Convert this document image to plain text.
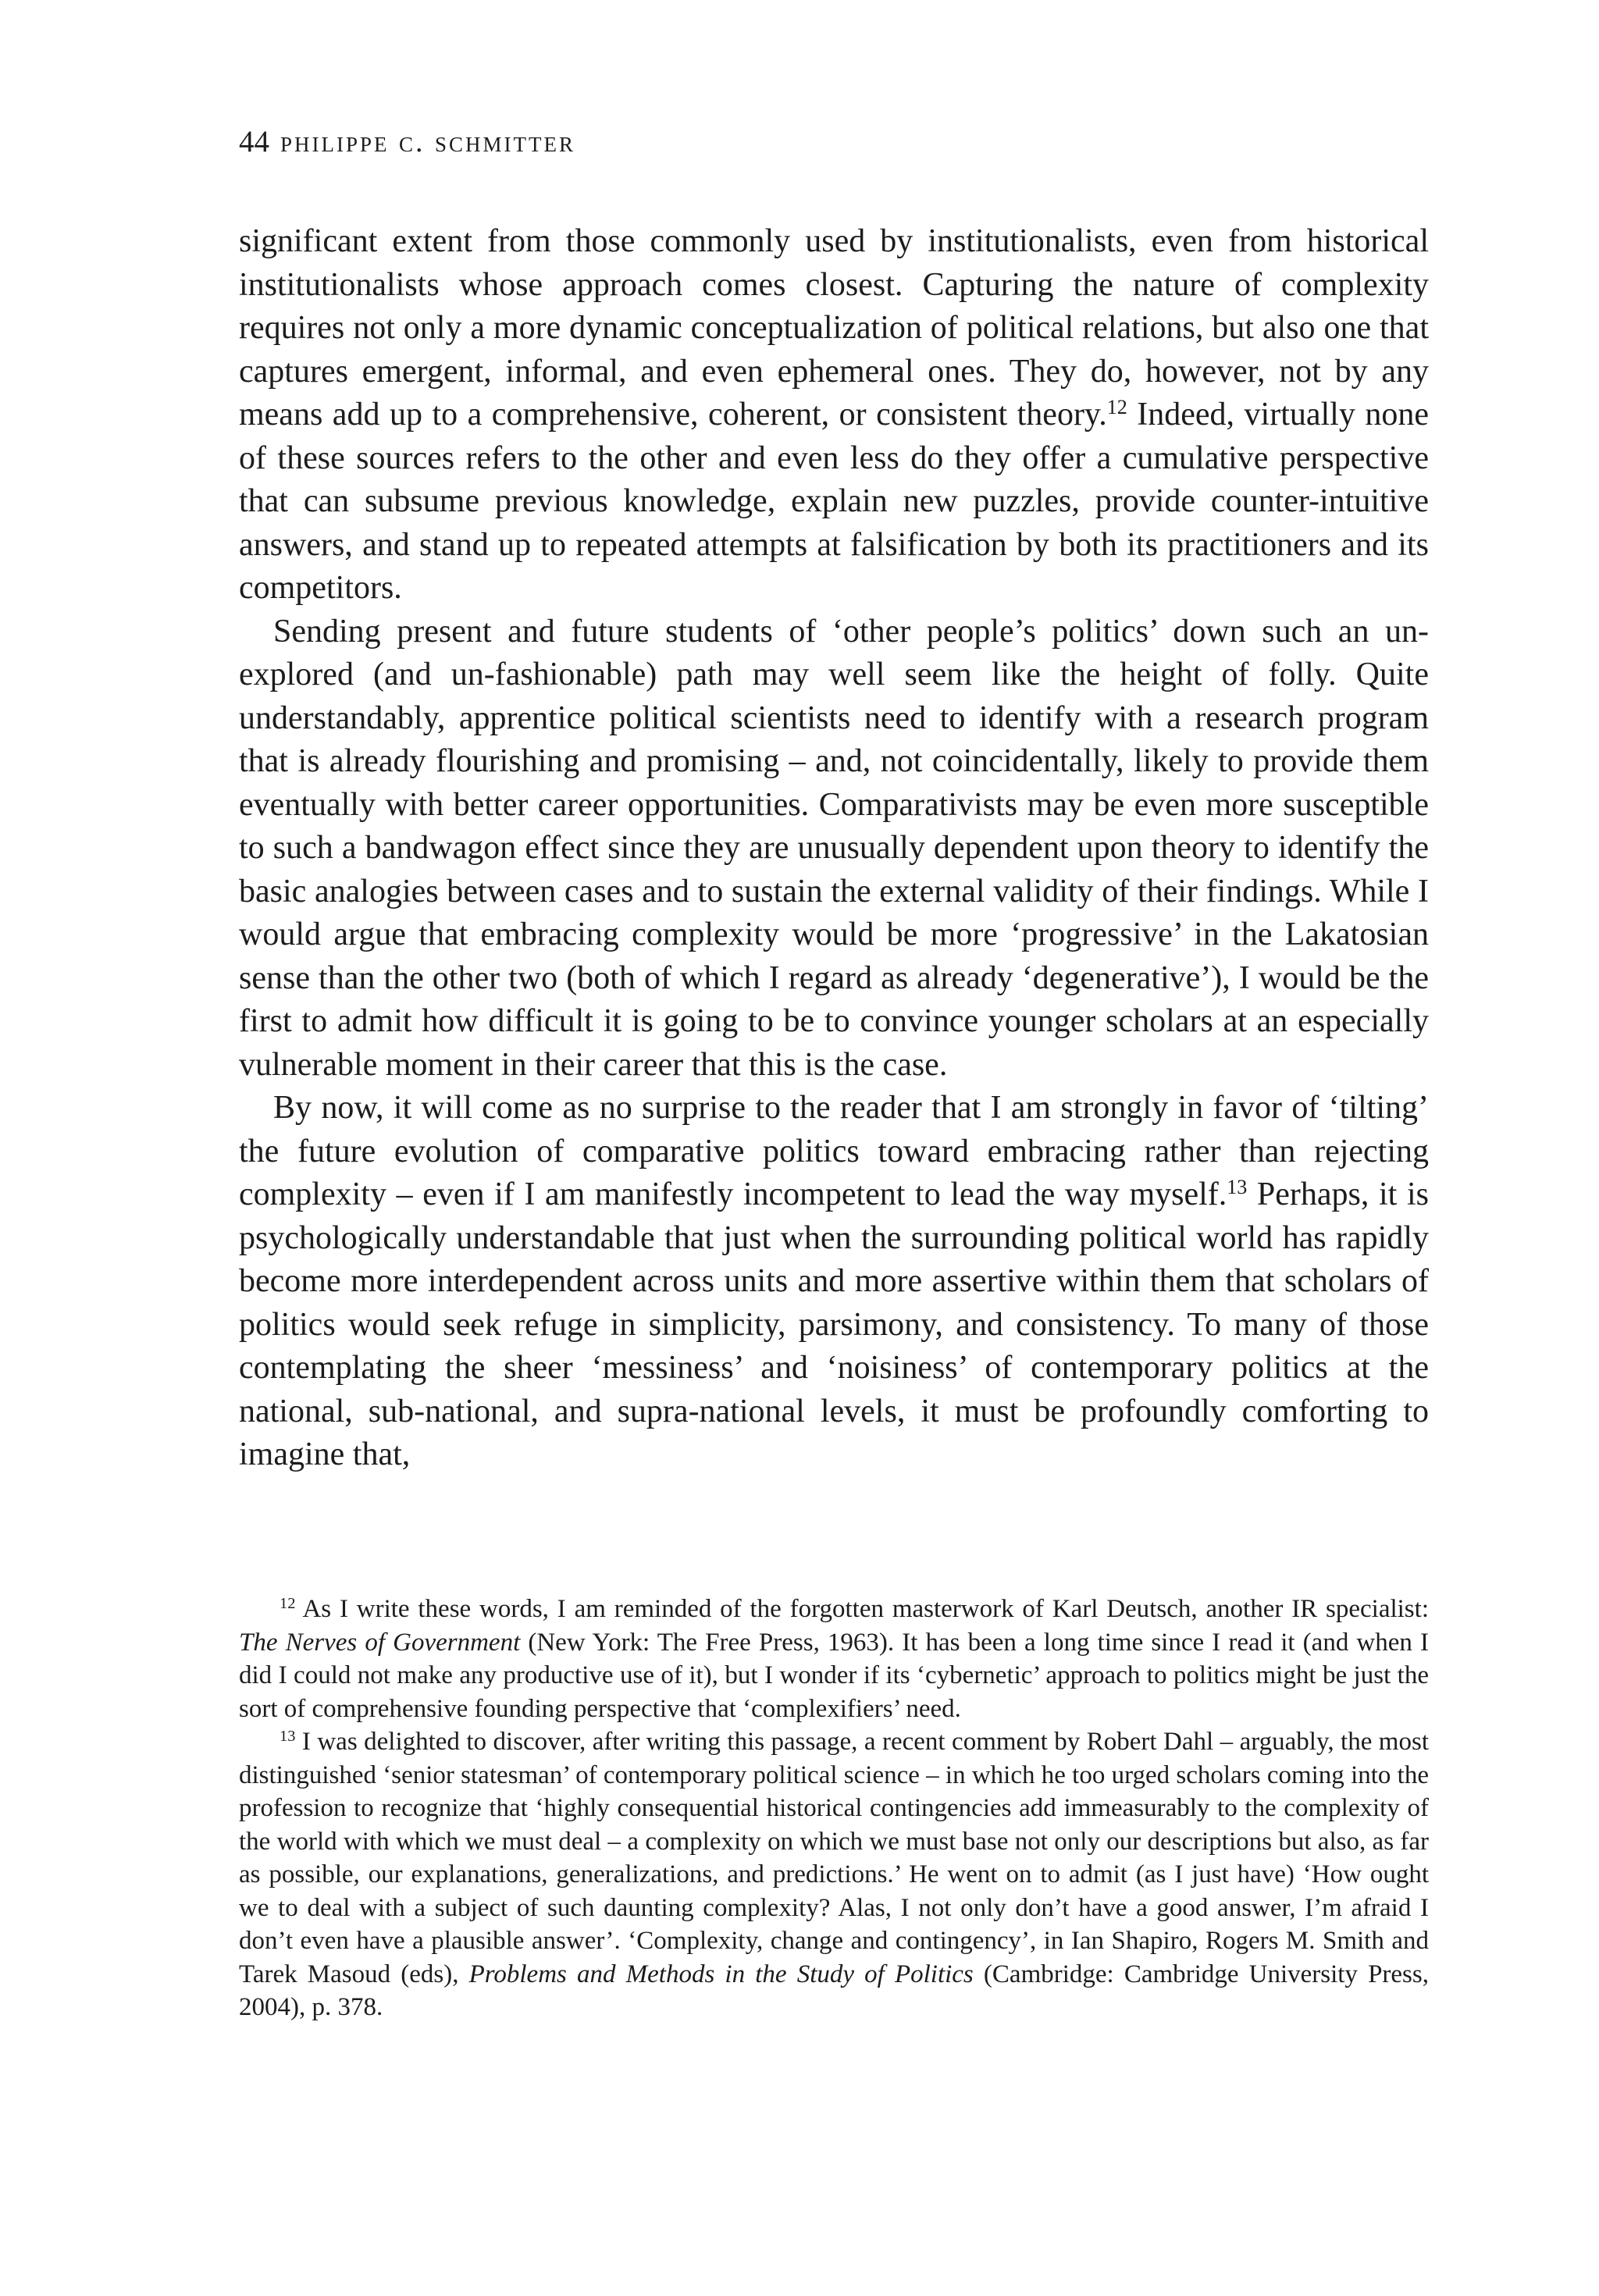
44 philippe c. schmitter

significant extent from those commonly used by institutionalists, even from historical institutionalists whose approach comes closest. Capturing the nature of complexity requires not only a more dynamic conceptualization of political relations, but also one that captures emergent, informal, and even ephemeral ones. They do, however, not by any means add up to a comprehensive, coherent, or consistent theory.$^{12}$ Indeed, virtually none of these sources refers to the other and even less do they offer a cumulative perspective that can subsume previous knowledge, explain new puzzles, provide counter-intuitive answers, and stand up to repeated attempts at falsification by both its practitioners and its competitors.

Sending present and future students of ‘other people’s politics’ down such an un-explored (and un-fashionable) path may well seem like the height of folly. Quite understandably, apprentice political scientists need to identify with a research program that is already flourishing and promising – and, not coincidentally, likely to provide them eventually with better career opportunities. Comparativists may be even more susceptible to such a bandwagon effect since they are unusually dependent upon theory to identify the basic analogies between cases and to sustain the external validity of their findings. While I would argue that embracing complexity would be more ‘progressive’ in the Lakatosian sense than the other two (both of which I regard as already ‘degenerative’), I would be the first to admit how difficult it is going to be to convince younger scholars at an especially vulnerable moment in their career that this is the case.

By now, it will come as no surprise to the reader that I am strongly in favor of ‘tilting’ the future evolution of comparative politics toward embracing rather than rejecting complexity – even if I am manifestly incompetent to lead the way myself.$^{13}$ Perhaps, it is psychologically understandable that just when the surrounding political world has rapidly become more interdependent across units and more assertive within them that scholars of politics would seek refuge in simplicity, parsimony, and consistency. To many of those contemplating the sheer ‘messiness’ and ‘noisiness’ of contemporary politics at the national, sub-national, and supra-national levels, it must be profoundly comforting to imagine that,

$^{12}$ As I write these words, I am reminded of the forgotten masterwork of Karl Deutsch, another IR specialist: The Nerves of Government (New York: The Free Press, 1963). It has been a long time since I read it (and when I did I could not make any productive use of it), but I wonder if its ‘cybernetic’ approach to politics might be just the sort of comprehensive founding perspective that ‘complexifiers’ need.

$^{13}$ I was delighted to discover, after writing this passage, a recent comment by Robert Dahl – arguably, the most distinguished ‘senior statesman’ of contemporary political science – in which he too urged scholars coming into the profession to recognize that ‘highly consequential historical contingencies add immeasurably to the complexity of the world with which we must deal – a complexity on which we must base not only our descriptions but also, as far as possible, our explanations, generalizations, and predictions.’ He went on to admit (as I just have) ‘How ought we to deal with a subject of such daunting complexity? Alas, I not only don’t have a good answer, I’m afraid I don’t even have a plausible answer’. ‘Complexity, change and contingency’, in Ian Shapiro, Rogers M. Smith and Tarek Masoud (eds), Problems and Methods in the Study of Politics (Cambridge: Cambridge University Press, 2004), p. 378.
